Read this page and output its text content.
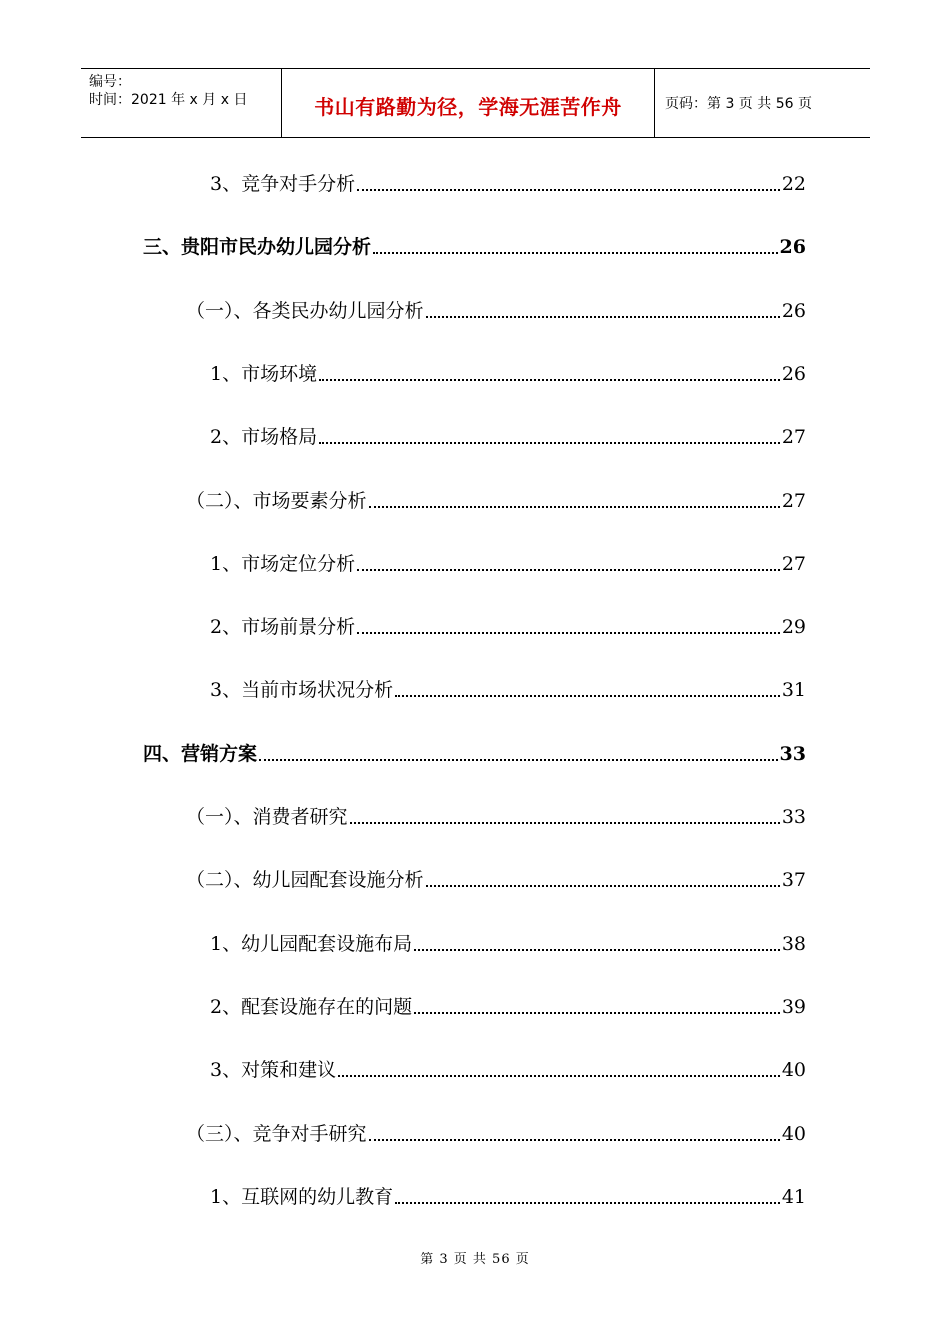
编号：
时间：2021 年 x 月 x 日	书山有路勤为径，学海无涯苦作舟	页码：第 3 页 共 56 页
3、竞争对手分析	22
三、贵阳市民办幼儿园分析	26
（一）、各类民办幼儿园分析	26
1、市场环境	26
2、市场格局	27
（二）、市场要素分析	27
1、市场定位分析	27
2、市场前景分析	29
3、当前市场状况分析	31
四、营销方案	33
（一）、消费者研究	33
（二）、幼儿园配套设施分析	37
1、幼儿园配套设施布局	38
2、配套设施存在的问题	39
3、对策和建议	40
（三）、竞争对手研究	40
1、互联网的幼儿教育	41
第 3 页 共 56 页
